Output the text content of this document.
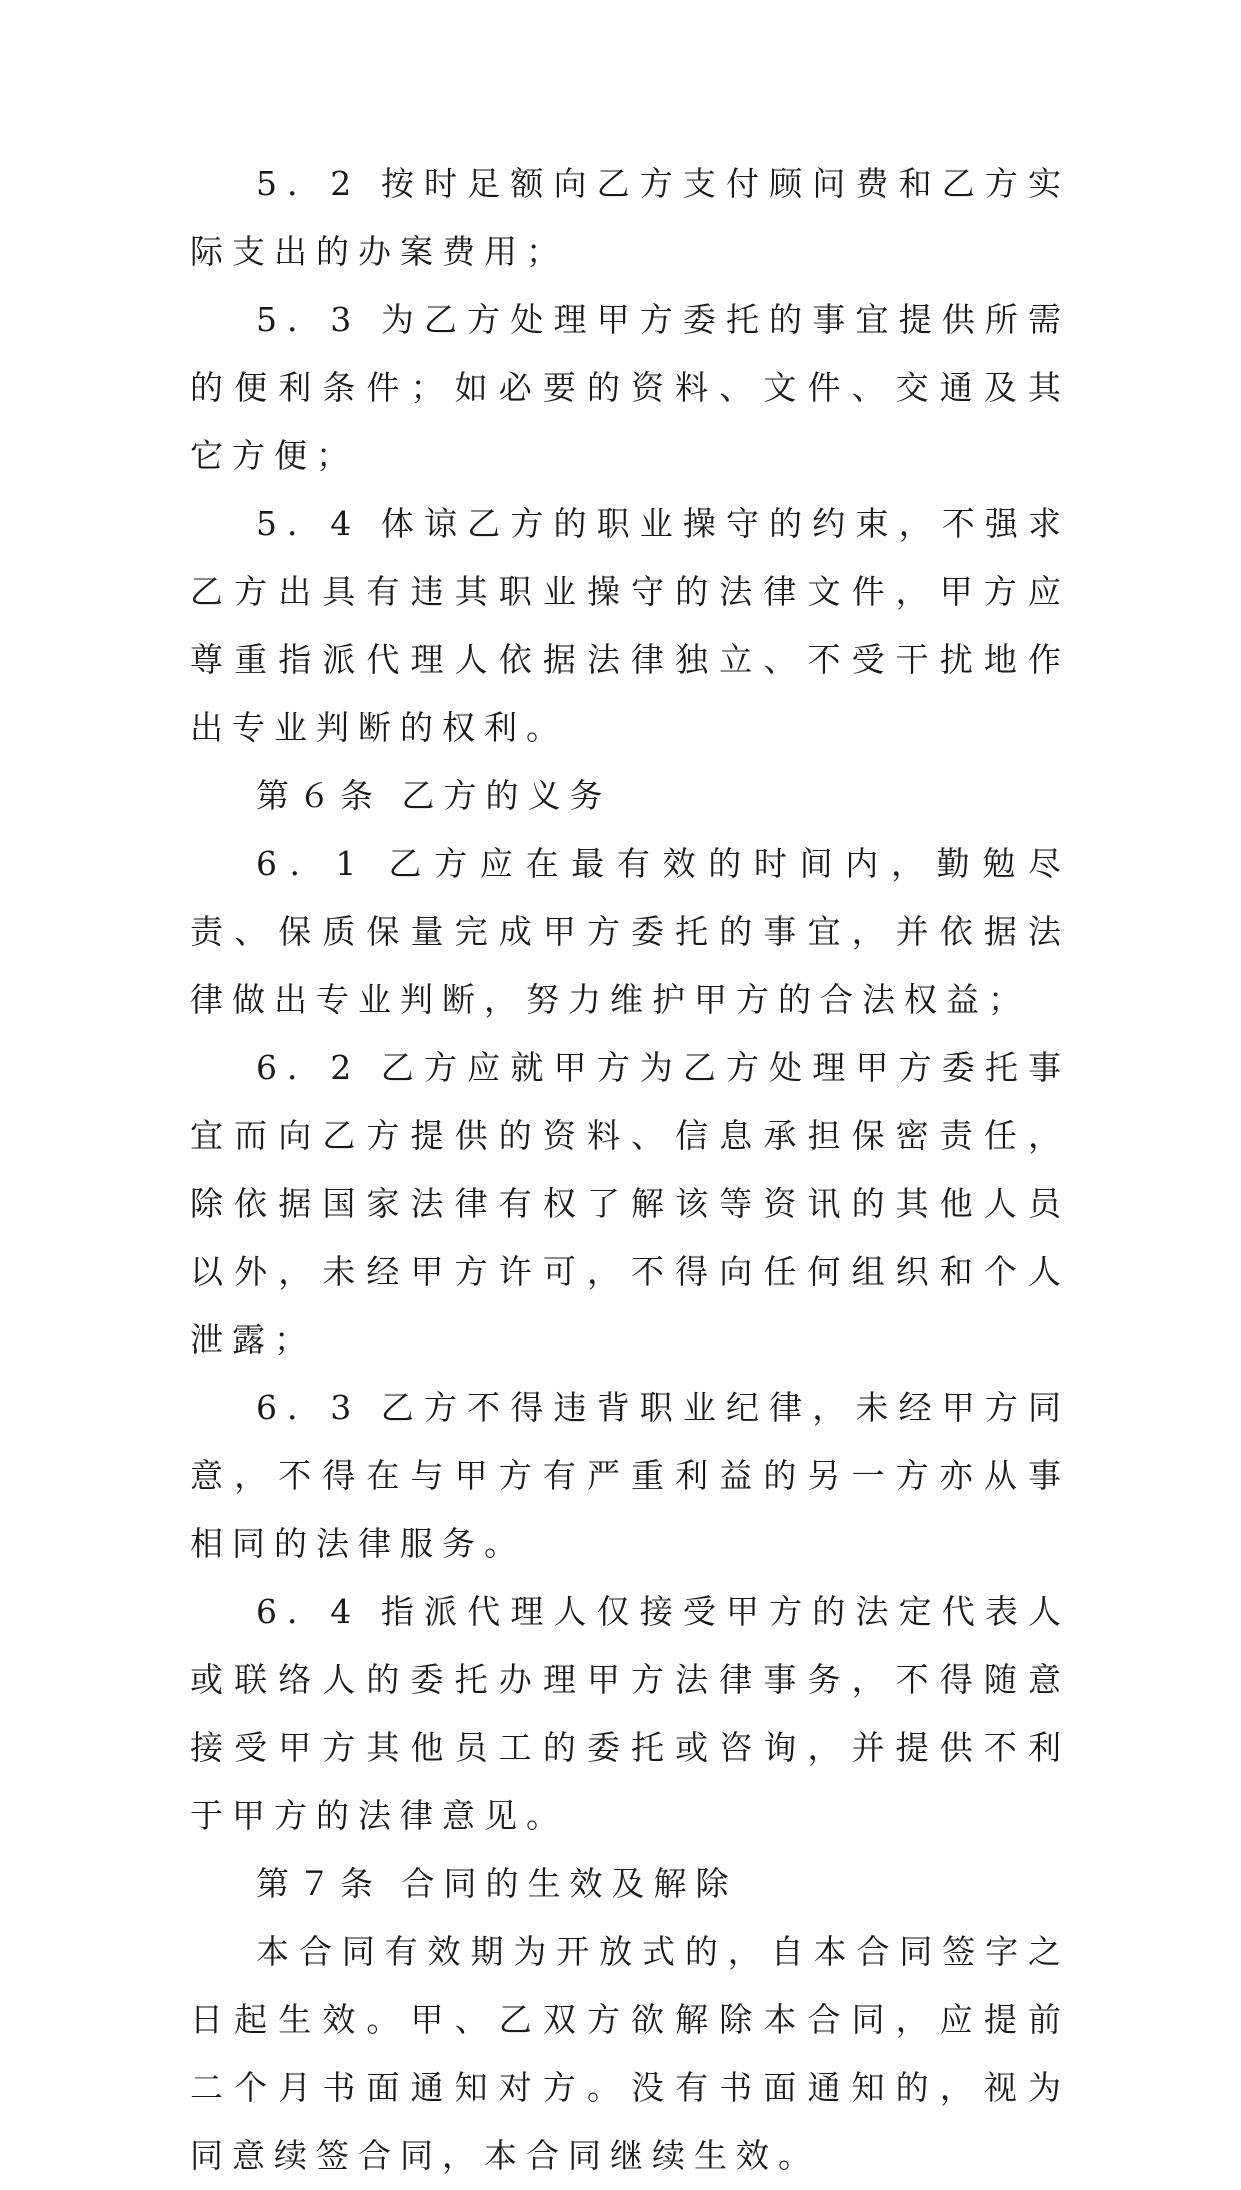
5．2 按时足额向乙方支付顾问费和乙方实际支出的办案费用；

5．3 为乙方处理甲方委托的事宜提供所需的便利条件；如必要的资料、文件、交通及其它方便；

5．4 体谅乙方的职业操守的约束，不强求乙方出具有违其职业操守的法律文件，甲方应尊重指派代理人依据法律独立、不受干扰地作出专业判断的权利。

第６条 乙方的义务

6．1 乙方应在最有效的时间内，勤勉尽责、保质保量完成甲方委托的事宜，并依据法律做出专业判断，努力维护甲方的合法权益；

6．2 乙方应就甲方为乙方处理甲方委托事宜而向乙方提供的资料、信息承担保密责任，除依据国家法律有权了解该等资讯的其他人员以外，未经甲方许可，不得向任何组织和个人泄露；

6．3 乙方不得违背职业纪律，未经甲方同意，不得在与甲方有严重利益的另一方亦从事相同的法律服务。

6．4 指派代理人仅接受甲方的法定代表人或联络人的委托办理甲方法律事务，不得随意接受甲方其他员工的委托或咨询，并提供不利于甲方的法律意见。

第７条 合同的生效及解除

本合同有效期为开放式的，自本合同签字之日起生效。甲、乙双方欲解除本合同，应提前二个月书面通知对方。没有书面通知的，视为同意续签合同，本合同继续生效。
